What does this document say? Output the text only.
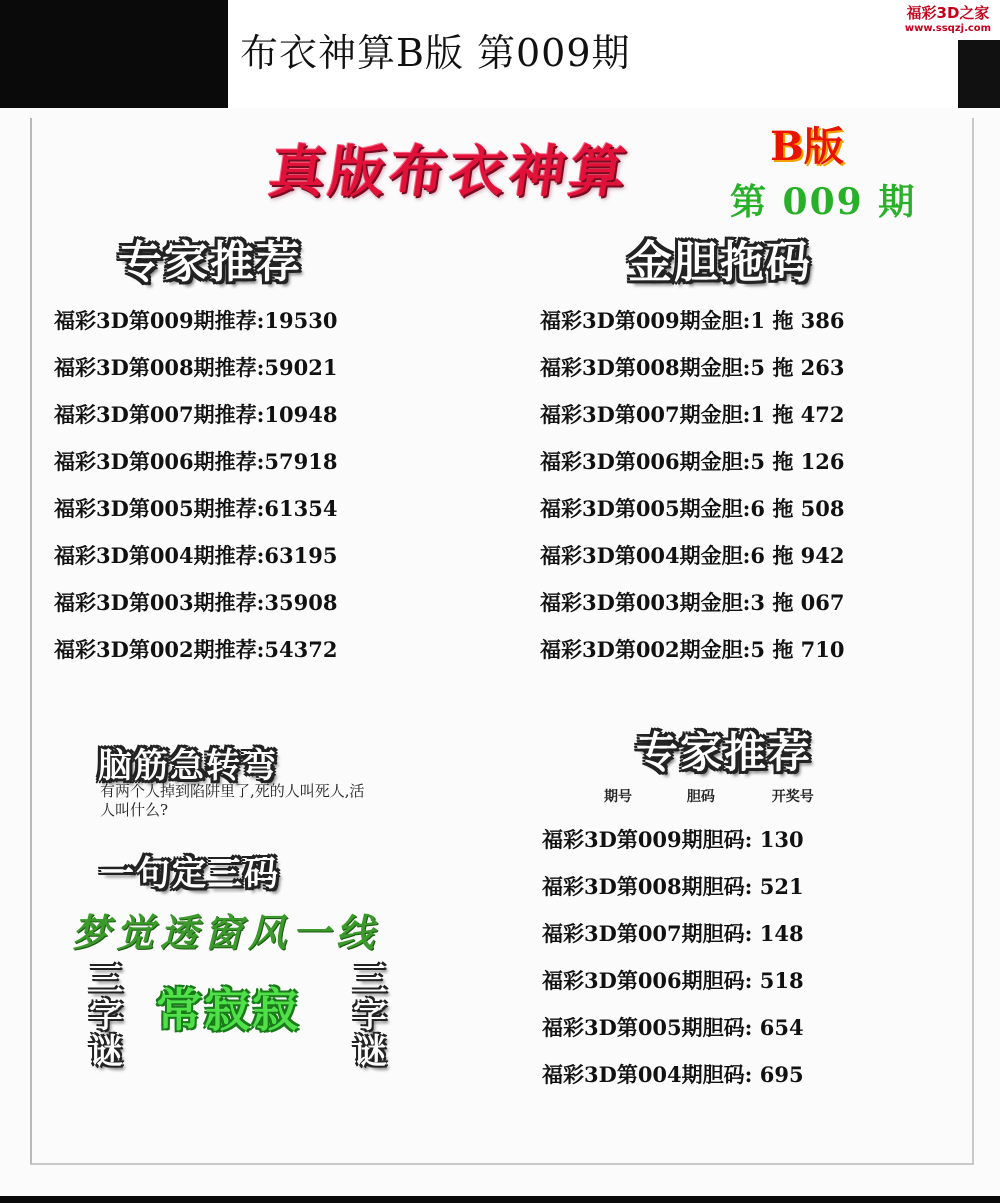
布衣神算B版 第009期
福彩3D之家
www.ssqzj.com
真版布衣神算	B版
第 009 期
专家推荐
福彩3D第009期推荐:19530
福彩3D第008期推荐:59021
福彩3D第007期推荐:10948
福彩3D第006期推荐:57918
福彩3D第005期推荐:61354
福彩3D第004期推荐:63195
福彩3D第003期推荐:35908
福彩3D第002期推荐:54372
金胆拖码
福彩3D第009期金胆:1 拖 386
福彩3D第008期金胆:5 拖 263
福彩3D第007期金胆:1 拖 472
福彩3D第006期金胆:5 拖 126
福彩3D第005期金胆:6 拖 508
福彩3D第004期金胆:6 拖 942
福彩3D第003期金胆:3 拖 067
福彩3D第002期金胆:5 拖 710
脑筋急转弯
有两个人掉到陷阱里了,死的人叫死人,活人叫什么?
一句定三码
梦觉透窗风一线
三
字
谜
常寂寂
三
字
谜
专家推荐
期号	胆码	开奖号
福彩3D第009期胆码: 130
福彩3D第008期胆码: 521
福彩3D第007期胆码: 148
福彩3D第006期胆码: 518
福彩3D第005期胆码: 654
福彩3D第004期胆码: 695
